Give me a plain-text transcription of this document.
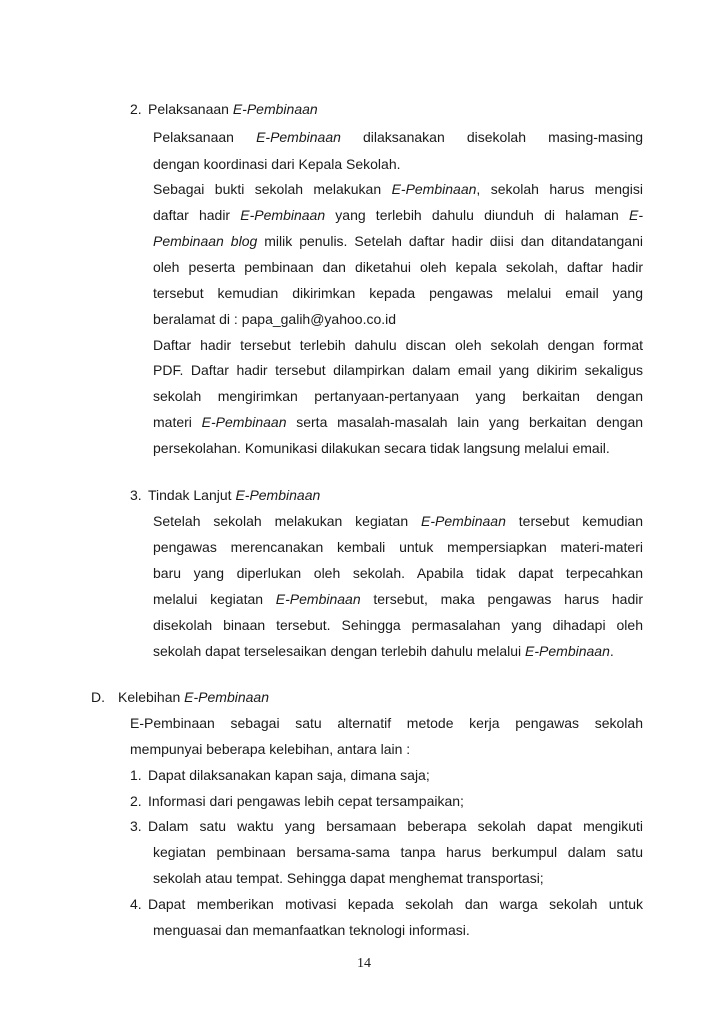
2. Pelaksanaan E-Pembinaan
Pelaksanaan E-Pembinaan dilaksanakan disekolah masing-masing
dengan koordinasi dari Kepala Sekolah.
Sebagai bukti sekolah melakukan E-Pembinaan, sekolah harus mengisi
daftar hadir E-Pembinaan yang terlebih dahulu diunduh di halaman E-
Pembinaan blog milik penulis. Setelah daftar hadir diisi dan ditandatangani
oleh peserta pembinaan dan diketahui oleh kepala sekolah, daftar hadir
tersebut kemudian dikirimkan kepada pengawas melalui email yang
beralamat di : papa_galih@yahoo.co.id
Daftar hadir tersebut terlebih dahulu discan oleh sekolah dengan format
PDF. Daftar hadir tersebut dilampirkan dalam email yang dikirim sekaligus
sekolah mengirimkan pertanyaan-pertanyaan yang berkaitan dengan
materi E-Pembinaan serta masalah-masalah lain yang berkaitan dengan
persekolahan. Komunikasi dilakukan secara tidak langsung melalui email.
3. Tindak Lanjut E-Pembinaan
Setelah sekolah melakukan kegiatan E-Pembinaan tersebut kemudian
pengawas merencanakan kembali untuk mempersiapkan materi-materi
baru yang diperlukan oleh sekolah. Apabila tidak dapat terpecahkan
melalui kegiatan E-Pembinaan tersebut, maka pengawas harus hadir
disekolah binaan tersebut. Sehingga permasalahan yang dihadapi oleh
sekolah dapat terselesaikan dengan terlebih dahulu melalui E-Pembinaan.
D. Kelebihan E-Pembinaan
E-Pembinaan sebagai satu alternatif metode kerja pengawas sekolah
mempunyai beberapa kelebihan, antara lain :
1. Dapat dilaksanakan kapan saja, dimana saja;
2. Informasi dari pengawas lebih cepat tersampaikan;
3. Dalam satu waktu yang bersamaan beberapa sekolah dapat mengikuti
kegiatan pembinaan bersama-sama tanpa harus berkumpul dalam satu
sekolah atau tempat. Sehingga dapat menghemat transportasi;
4. Dapat memberikan motivasi kepada sekolah dan warga sekolah untuk
menguasai dan memanfaatkan teknologi informasi.
14
